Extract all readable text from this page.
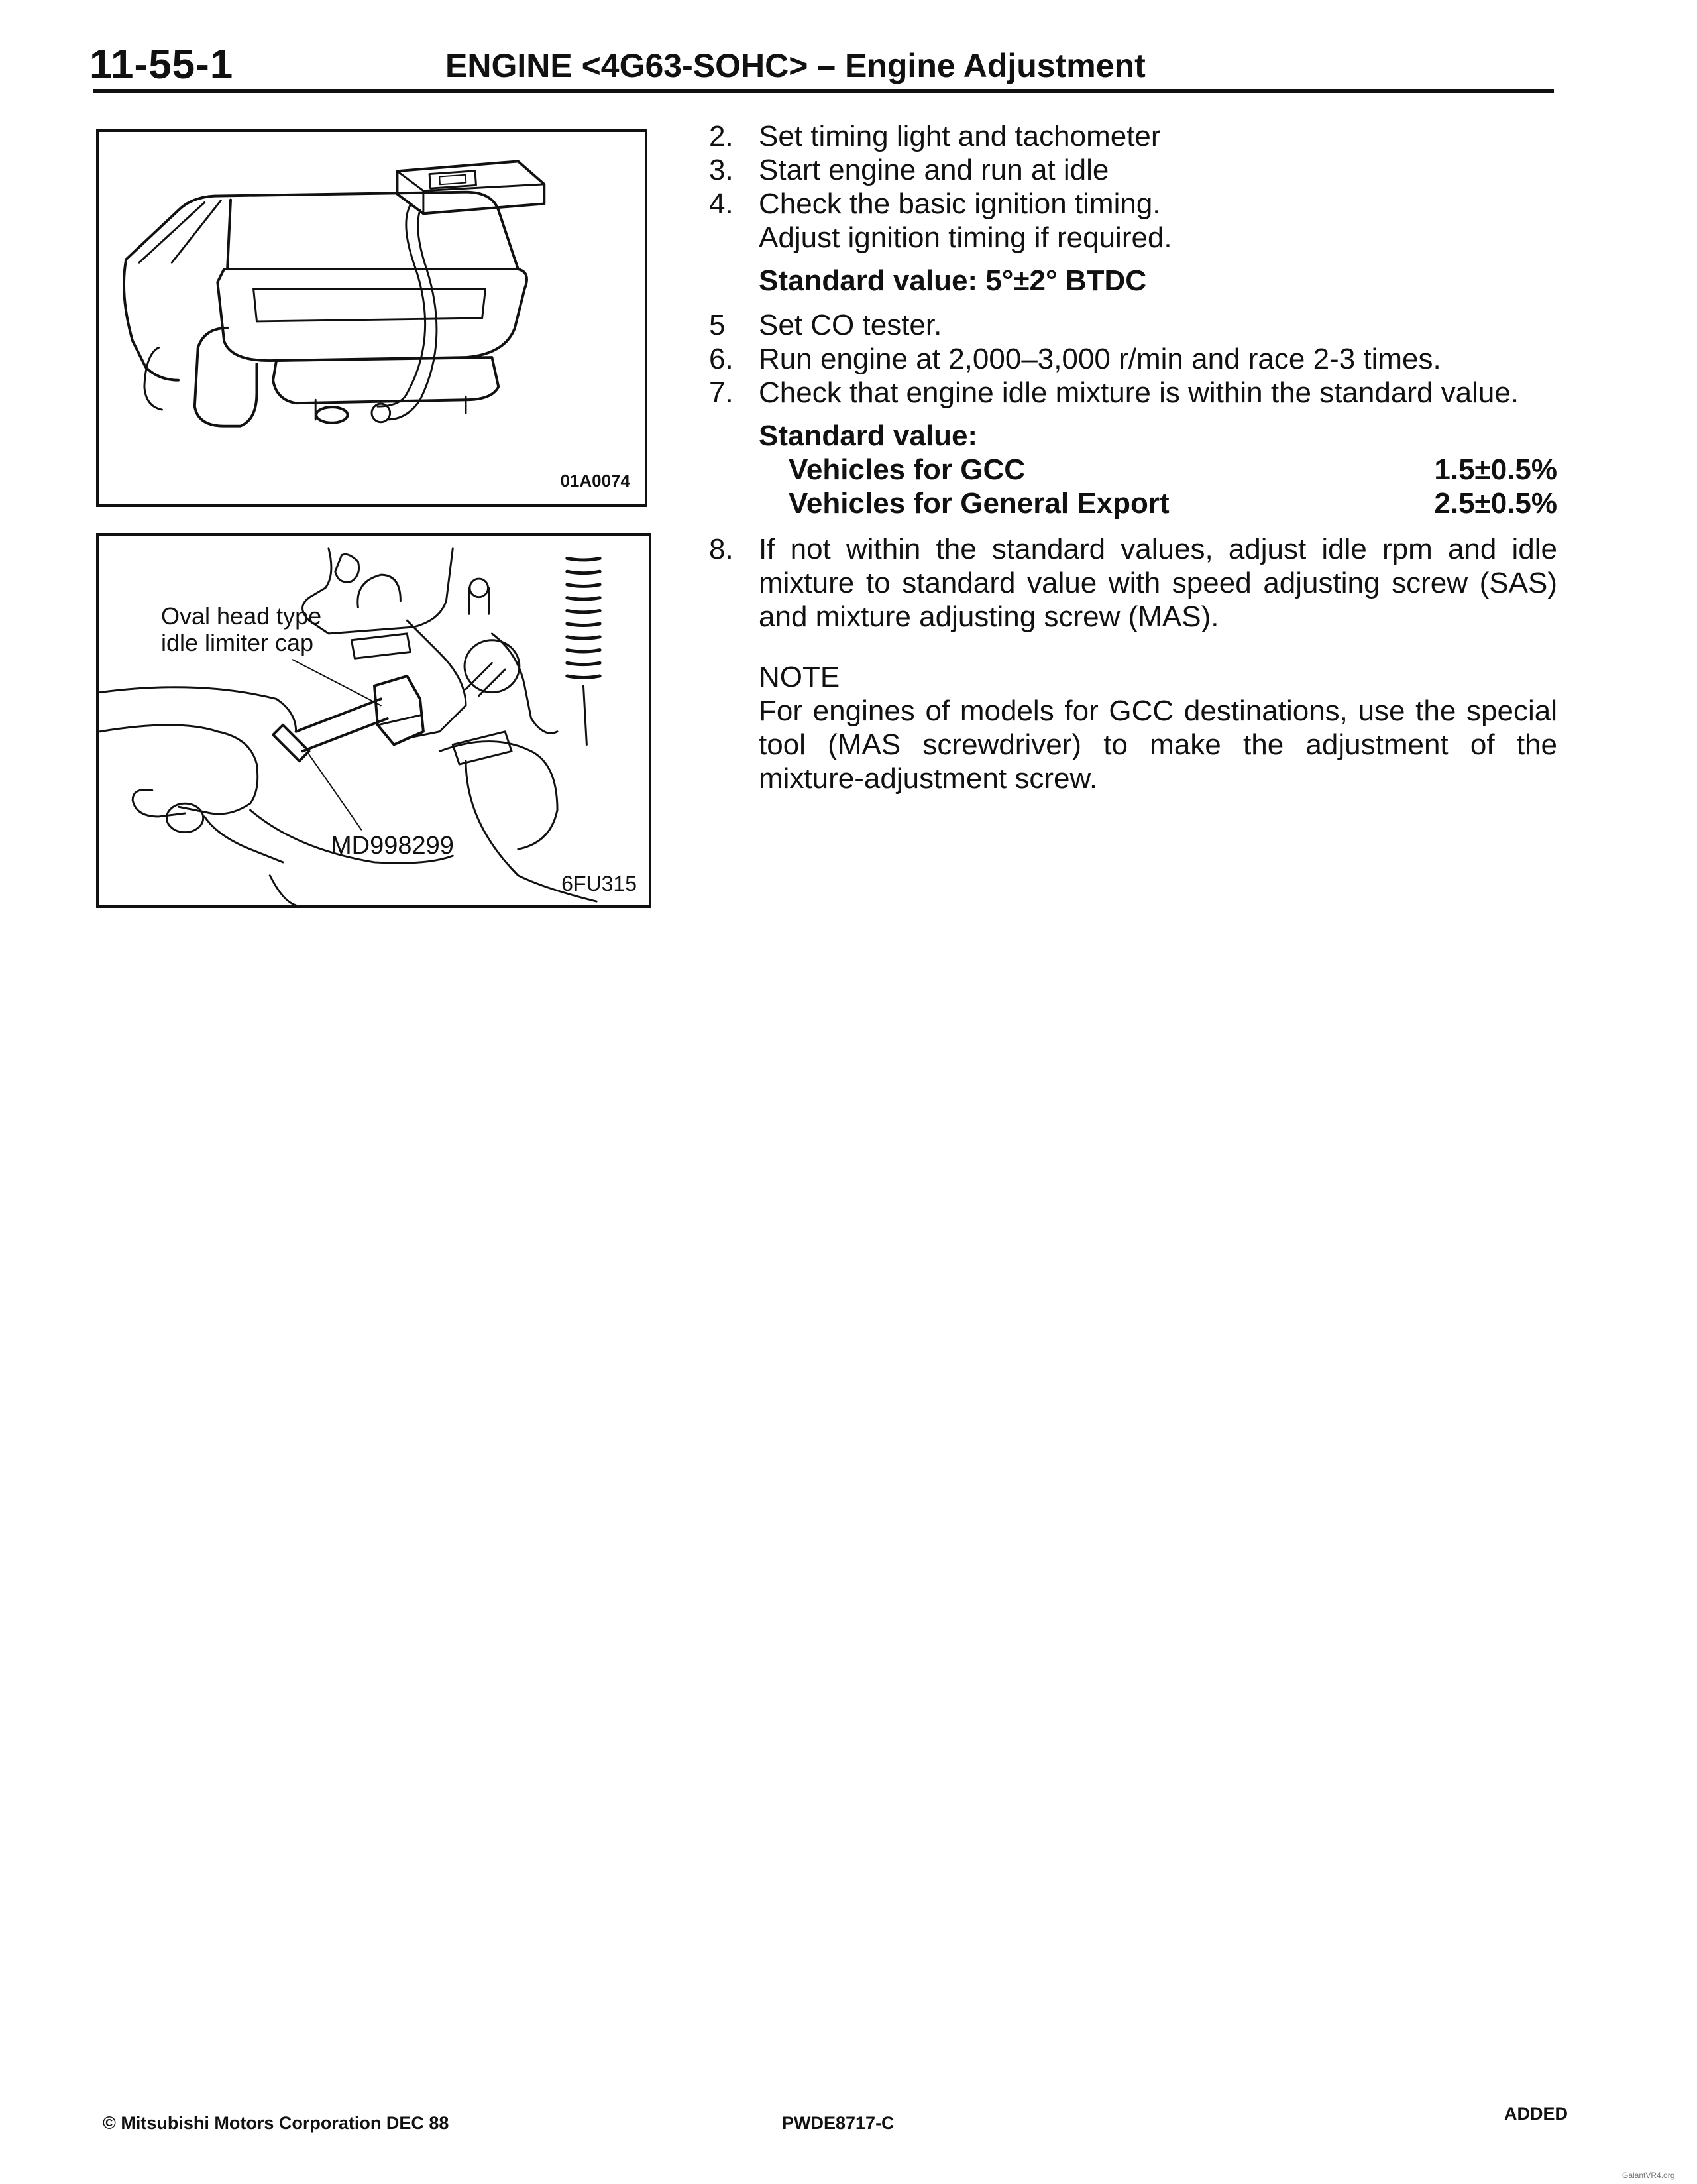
11-55-1	ENGINE <4G63-SOHC> – Engine Adjustment
01A0074
Oval head type
idle limiter cap
MD998299
6FU315
2. Set timing light and tachometer
3. Start engine and run at idle
4. Check the basic ignition timing.
Adjust ignition timing if required.
Standard value: 5°±2° BTDC
5 Set CO tester.
6. Run engine at 2,000–3,000 r/min and race 2-3 times.
7. Check that engine idle mixture is within the standard value.
Standard value:
Vehicles for GCC	1.5±0.5%
Vehicles for General Export	2.5±0.5%
8. If not within the standard values, adjust idle rpm and idle mixture to standard value with speed adjusting screw (SAS) and mixture adjusting screw (MAS).
NOTE
For engines of models for GCC destinations, use the special tool (MAS screwdriver) to make the adjustment of the mixture-adjustment screw.
© Mitsubishi Motors Corporation DEC 88	PWDE8717-C	ADDED
GalantVR4.org
